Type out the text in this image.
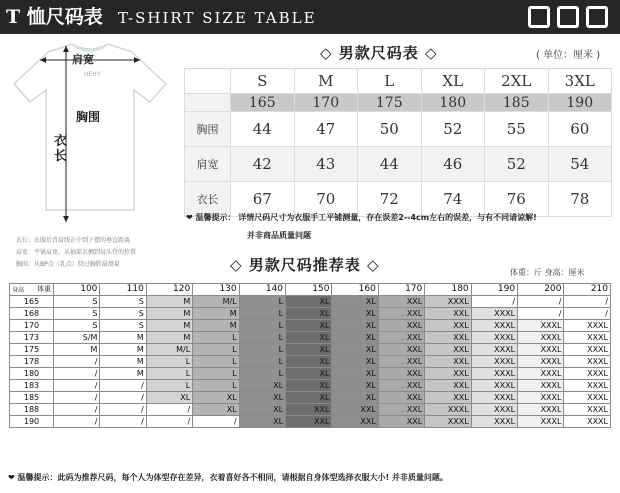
T 恤尺码表 T-SHIRT SIZE TABLE
肩宽
HEHY
胸围
衣长
衣长：衣服后背肩线正中到下摆的垂直距离
肩宽：平铺肩宽，从袖部衣侧到肩头骨的位置
胸围：从BP点（乳点）绕过胸胖最测量
◇ 男款尺码表 ◇	( 单位：厘米 )
	S	M	L	XL	2XL	3XL
	165	170	175	180	185	190
胸围	44	47	50	52	55	60
肩宽	42	43	44	46	52	54
衣长	67	70	72	74	76	78
❤ 温馨提示： 详情尺码尺寸为衣服手工平铺测量，存在误差2--4cm左右的误差，与有不同请谅解!
并非商品质量问题
◇ 男款尺码推荐表 ◇	体重：斤 身高：厘米
体重
身高	100	110	120	130	140	150	160	170	180	190	200	210
165	S	S	M	M/L	L	XL	XL	XXL	XXXL	/	/	/
168	S	S	M	M	L	XL	XL	XXL	XXL	XXXL	/	/
170	S	S	M	M	L	XL	XL	XXL	XXL	XXXL	XXXL	XXXL
173	S/M	M	M	L	L	XL	XL	XXL	XXL	XXXL	XXXL	XXXL
175	M	M	M/L	L	L	XL	XL	XXL	XXL	XXXL	XXXL	XXXL
178	/	M	L	L	L	XL	XL	XXL	XXL	XXXL	XXXL	XXXL
180	/	M	L	L	L	XL	XL	XXL	XXL	XXXL	XXXL	XXXL
183	/	/	L	L	XL	XL	XL	XXL	XXL	XXXL	XXXL	XXXL
185	/	/	XL	XL	XL	XL	XL	XXL	XXL	XXXL	XXXL	XXXL
188	/	/	/	XL	XL	XXL	XXL	XXL	XXXL	XXXL	XXXL	XXXL
190	/	/	/	/	XL	XXL	XXL	XXL	XXXL	XXXL	XXXL	XXXL
❤ 温馨提示：此码为推荐尺码，每个人为体型存在差异，衣着喜好各不相同，请根据自身体型选择衣服大小! 并非质量问题。
